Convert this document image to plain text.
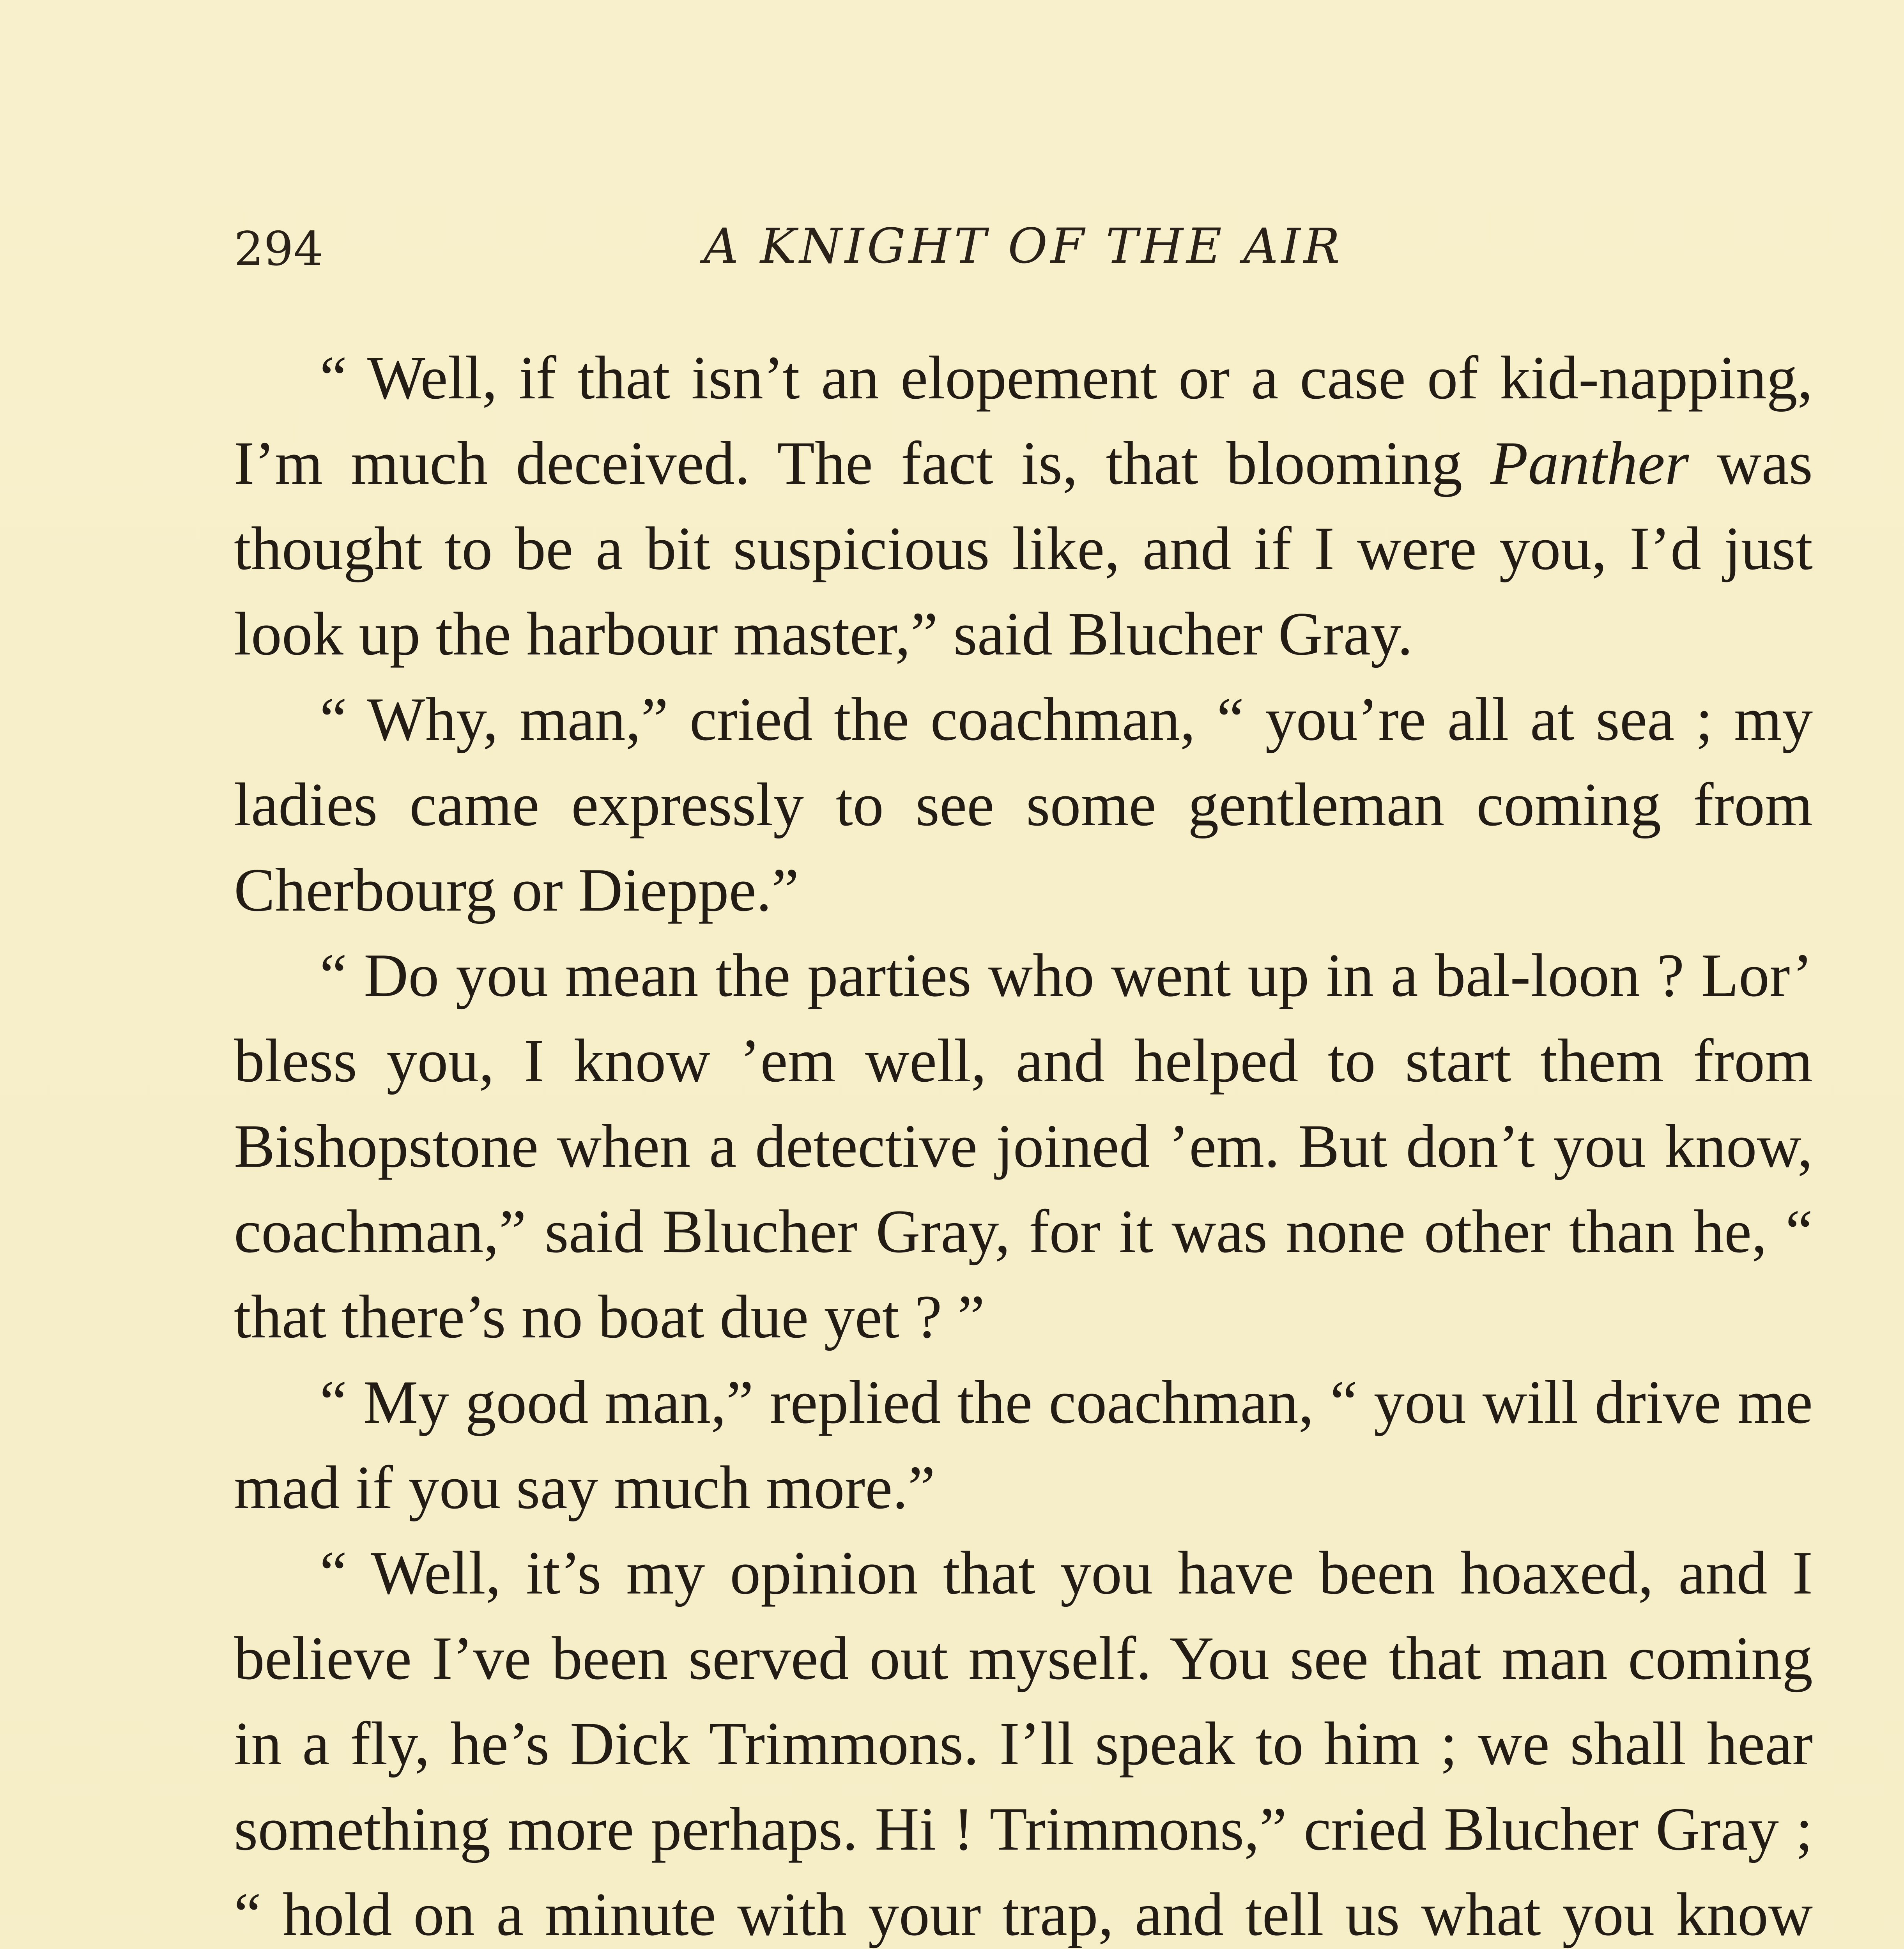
294	A KNIGHT OF THE AIR

“ Well, if that isn’t an elopement or a case of kid-napping, I’m much deceived. The fact is, that blooming Panther was thought to be a bit suspicious like, and if I were you, I’d just look up the harbour master,” said Blucher Gray.

“ Why, man,” cried the coachman, “ you’re all at sea ; my ladies came expressly to see some gentleman coming from Cherbourg or Dieppe.”

“ Do you mean the parties who went up in a bal-loon ? Lor’ bless you, I know ’em well, and helped to start them from Bishopstone when a detective joined ’em. But don’t you know, coachman,” said Blucher Gray, for it was none other than he, “ that there’s no boat due yet ? ”

“ My good man,” replied the coachman, “ you will drive me mad if you say much more.”

“ Well, it’s my opinion that you have been hoaxed, and I believe I’ve been served out myself. You see that man coming in a fly, he’s Dick Trimmons. I’ll speak to him ; we shall hear something more perhaps. Hi ! Trimmons,” cried Blucher Gray ; “ hold on a minute with your trap, and tell us what you know
